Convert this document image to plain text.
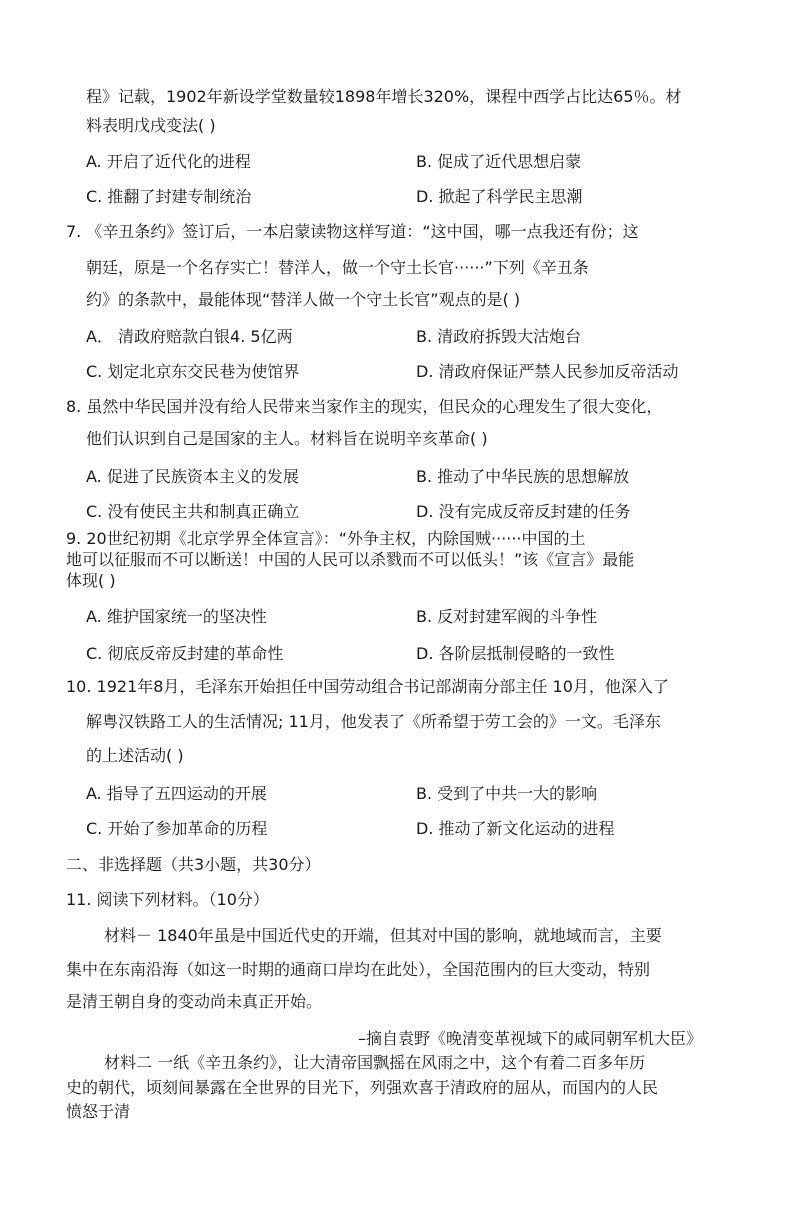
程》记载，1902年新设学堂数量较1898年增长320%，课程中西学占比达65％。材
料表明戊戌变法( )
A. 开启了近代化的进程	B. 促成了近代思想启蒙
C. 推翻了封建专制统治	D. 掀起了科学民主思潮
7. 《辛丑条约》签订后，一本启蒙读物这样写道：“这中国，哪一点我还有份；这
朝廷，原是一个名存实亡！替洋人，做一个守土长官······”下列《辛丑条
约》的条款中，最能体现“替洋人做一个守土长官”观点的是( )
A． 清政府赔款白银4. 5亿两	B. 清政府拆毁大沽炮台
C. 划定北京东交民巷为使馆界	D. 清政府保证严禁人民参加反帝活动
8. 虽然中华民国并没有给人民带来当家作主的现实，但民众的心理发生了很大变化，
他们认识到自己是国家的主人。材料旨在说明辛亥革命( )
A. 促进了民族资本主义的发展	B. 推动了中华民族的思想解放
C. 没有使民主共和制真正确立	D. 没有完成反帝反封建的任务
9. 20世纪初期《北京学界全体宣言》：“外争主权，内除国贼······中国的土
地可以征服而不可以断送！中国的人民可以杀戮而不可以低头！”该《宣言》最能
体现( )
A. 维护国家统一的坚决性	B. 反对封建军阀的斗争性
C. 彻底反帝反封建的革命性	D. 各阶层抵制侵略的一致性
10. 1921年8月，毛泽东开始担任中国劳动组合书记部湖南分部主任 10月，他深入了
解粤汉铁路工人的生活情况; 11月，他发表了《所希望于劳工会的》一文。毛泽东
的上述活动( )
A. 指导了五四运动的开展	B. 受到了中共一大的影响
C. 开始了参加革命的历程	D. 推动了新文化运动的进程
二、非选择题（共3小题，共30分）
11. 阅读下列材料。（10分）
材料－ 1840年虽是中国近代史的开端，但其对中国的影响，就地域而言，主要
集中在东南沿海（如这一时期的通商口岸均在此处），全国范围内的巨大变动，特别
是清王朝自身的变动尚未真正开始。
–摘自袁野《晚清变革视域下的咸同朝军机大臣》
材料二 一纸《辛丑条约》，让大清帝国飘摇在风雨之中，这个有着二百多年历
史的朝代，顷刻间暴露在全世界的目光下，列强欢喜于清政府的屈从，而国内的人民
愤怒于清
